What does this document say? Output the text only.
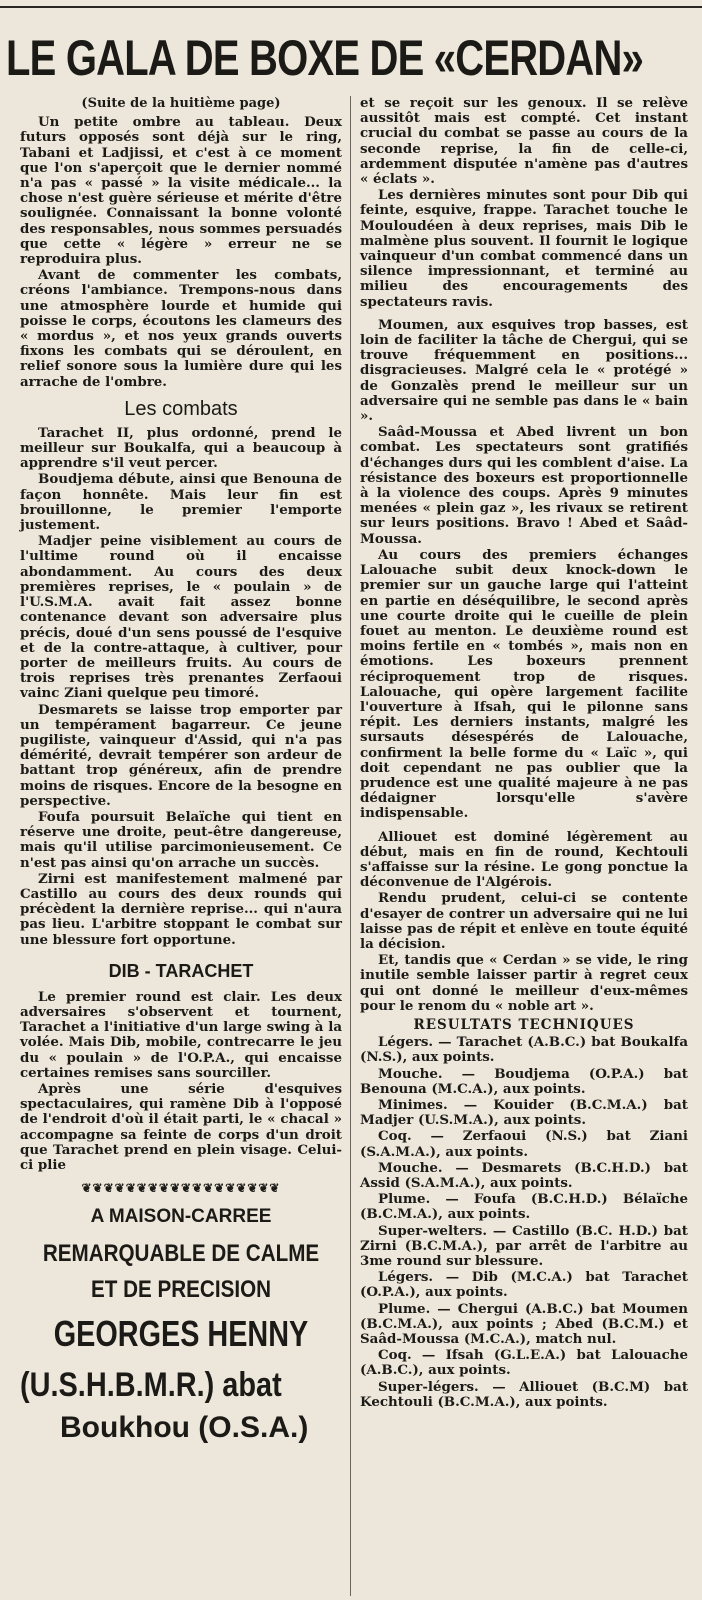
LE GALA DE BOXE DE «CERDAN»

(Suite de la huitième page)

Un petite ombre au tableau. Deux futurs opposés sont déjà sur le ring, Tabani et Ladjissi, et c'est à ce moment que l'on s'aperçoit que le dernier nommé n'a pas « passé » la visite médicale... la chose n'est guère sérieuse et mérite d'être soulignée. Connaissant la bonne volonté des responsables, nous sommes persuadés que cette « légère » erreur ne se reproduira plus.

Avant de commenter les combats, créons l'ambiance. Trempons-nous dans une atmosphère lourde et humide qui poisse le corps, écoutons les clameurs des « mordus », et nos yeux grands ouverts fixons les combats qui se déroulent, en relief sonore sous la lumière dure qui les arrache de l'ombre.

Les combats

Tarachet II, plus ordonné, prend le meilleur sur Boukalfa, qui a beaucoup à apprendre s'il veut percer.

Boudjema débute, ainsi que Benouna de façon honnête. Mais leur fin est brouillonne, le premier l'emporte justement.

Madjer peine visiblement au cours de l'ultime round où il encaisse abondamment. Au cours des deux premières reprises, le « poulain » de l'U.S.M.A. avait fait assez bonne contenance devant son adversaire plus précis, doué d'un sens poussé de l'esquive et de la contre-attaque, à cultiver, pour porter de meilleurs fruits. Au cours de trois reprises très prenantes Zerfaoui vainc Ziani quelque peu timoré.

Desmarets se laisse trop emporter par un tempérament bagarreur. Ce jeune pugiliste, vainqueur d'Assid, qui n'a pas démérité, devrait tempérer son ardeur de battant trop généreux, afin de prendre moins de risques. Encore de la besogne en perspective.

Foufa poursuit Belaïche qui tient en réserve une droite, peut-être dangereuse, mais qu'il utilise parcimonieusement. Ce n'est pas ainsi qu'on arrache un succès.

Zirni est manifestement malmené par Castillo au cours des deux rounds qui précèdent la dernière reprise... qui n'aura pas lieu. L'arbitre stoppant le combat sur une blessure fort opportune.

DIB - TARACHET

Le premier round est clair. Les deux adversaires s'observent et tournent, Tarachet a l'initiative d'un large swing à la volée. Mais Dib, mobile, contrecarre le jeu du « poulain » de l'O.P.A., qui encaisse certaines remises sans sourciller.

Après une série d'esquives spectaculaires, qui ramène Dib à l'opposé de l'endroit d'où il était parti, le « chacal » accompagne sa feinte de corps d'un droit que Tarachet prend en plein visage. Celui-ci plie

❦❦❦❦❦❦❦❦❦❦❦❦❦❦❦❦❦❦
A MAISON-CARREE
REMARQUABLE DE CALME
ET DE PRECISION
GEORGES HENNY
(U.S.H.B.M.R.) abat
Boukhou (O.S.A.)

et se reçoit sur les genoux. Il se relève aussitôt mais est compté. Cet instant crucial du combat se passe au cours de la seconde reprise, la fin de celle-ci, ardemment disputée n'amène pas d'autres « éclats ».

Les dernières minutes sont pour Dib qui feinte, esquive, frappe. Tarachet touche le Mouloudéen à deux reprises, mais Dib le malmène plus souvent. Il fournit le logique vainqueur d'un combat commencé dans un silence impressionnant, et terminé au milieu des encouragements des spectateurs ravis.

Moumen, aux esquives trop basses, est loin de faciliter la tâche de Chergui, qui se trouve fréquemment en positions... disgracieuses. Malgré cela le « protégé » de Gonzalès prend le meilleur sur un adversaire qui ne semble pas dans le « bain ».

Saâd-Moussa et Abed livrent un bon combat. Les spectateurs sont gratifiés d'échanges durs qui les comblent d'aise. La résistance des boxeurs est proportionnelle à la violence des coups. Après 9 minutes menées « plein gaz », les rivaux se retirent sur leurs positions. Bravo ! Abed et Saâd-Moussa.

Au cours des premiers échanges Lalouache subit deux knock-down le premier sur un gauche large qui l'atteint en partie en déséquilibre, le second après une courte droite qui le cueille de plein fouet au menton. Le deuxième round est moins fertile en « tombés », mais non en émotions. Les boxeurs prennent réciproquement trop de risques. Lalouache, qui opère largement facilite l'ouverture à Ifsah, qui le pilonne sans répit. Les derniers instants, malgré les sursauts désespérés de Lalouache, confirment la belle forme du « Laïc », qui doit cependant ne pas oublier que la prudence est une qualité majeure à ne pas dédaigner lorsqu'elle s'avère indispensable.

Alliouet est dominé légèrement au début, mais en fin de round, Kechtouli s'affaisse sur la résine. Le gong ponctue la déconvenue de l'Algérois.

Rendu prudent, celui-ci se contente d'esayer de contrer un adversaire qui ne lui laisse pas de répit et enlève en toute équité la décision.

Et, tandis que « Cerdan » se vide, le ring inutile semble laisser partir à regret ceux qui ont donné le meilleur d'eux-mêmes pour le renom du « noble art ».

RESULTATS TECHNIQUES

Légers. — Tarachet (A.B.C.) bat Boukalfa (N.S.), aux points.

Mouche. — Boudjema (O.P.A.) bat Benouna (M.C.A.), aux points.

Minimes. — Kouider (B.C.M.A.) bat Madjer (U.S.M.A.), aux points.

Coq. — Zerfaoui (N.S.) bat Ziani (S.A.M.A.), aux points.

Mouche. — Desmarets (B.C.H.D.) bat Assid (S.A.M.A.), aux points.

Plume. — Foufa (B.C.H.D.) Bélaïche (B.C.M.A.), aux points.

Super-welters. — Castillo (B.C. H.D.) bat Zirni (B.C.M.A.), par arrêt de l'arbitre au 3me round sur blessure.

Légers. — Dib (M.C.A.) bat Tarachet (O.P.A.), aux points.

Plume. — Chergui (A.B.C.) bat Moumen (B.C.M.A.), aux points ; Abed (B.C.M.) et Saâd-Moussa (M.C.A.), match nul.

Coq. — Ifsah (G.L.E.A.) bat Lalouache (A.B.C.), aux points.

Super-légers. — Alliouet (B.C.M) bat Kechtouli (B.C.M.A.), aux points.
